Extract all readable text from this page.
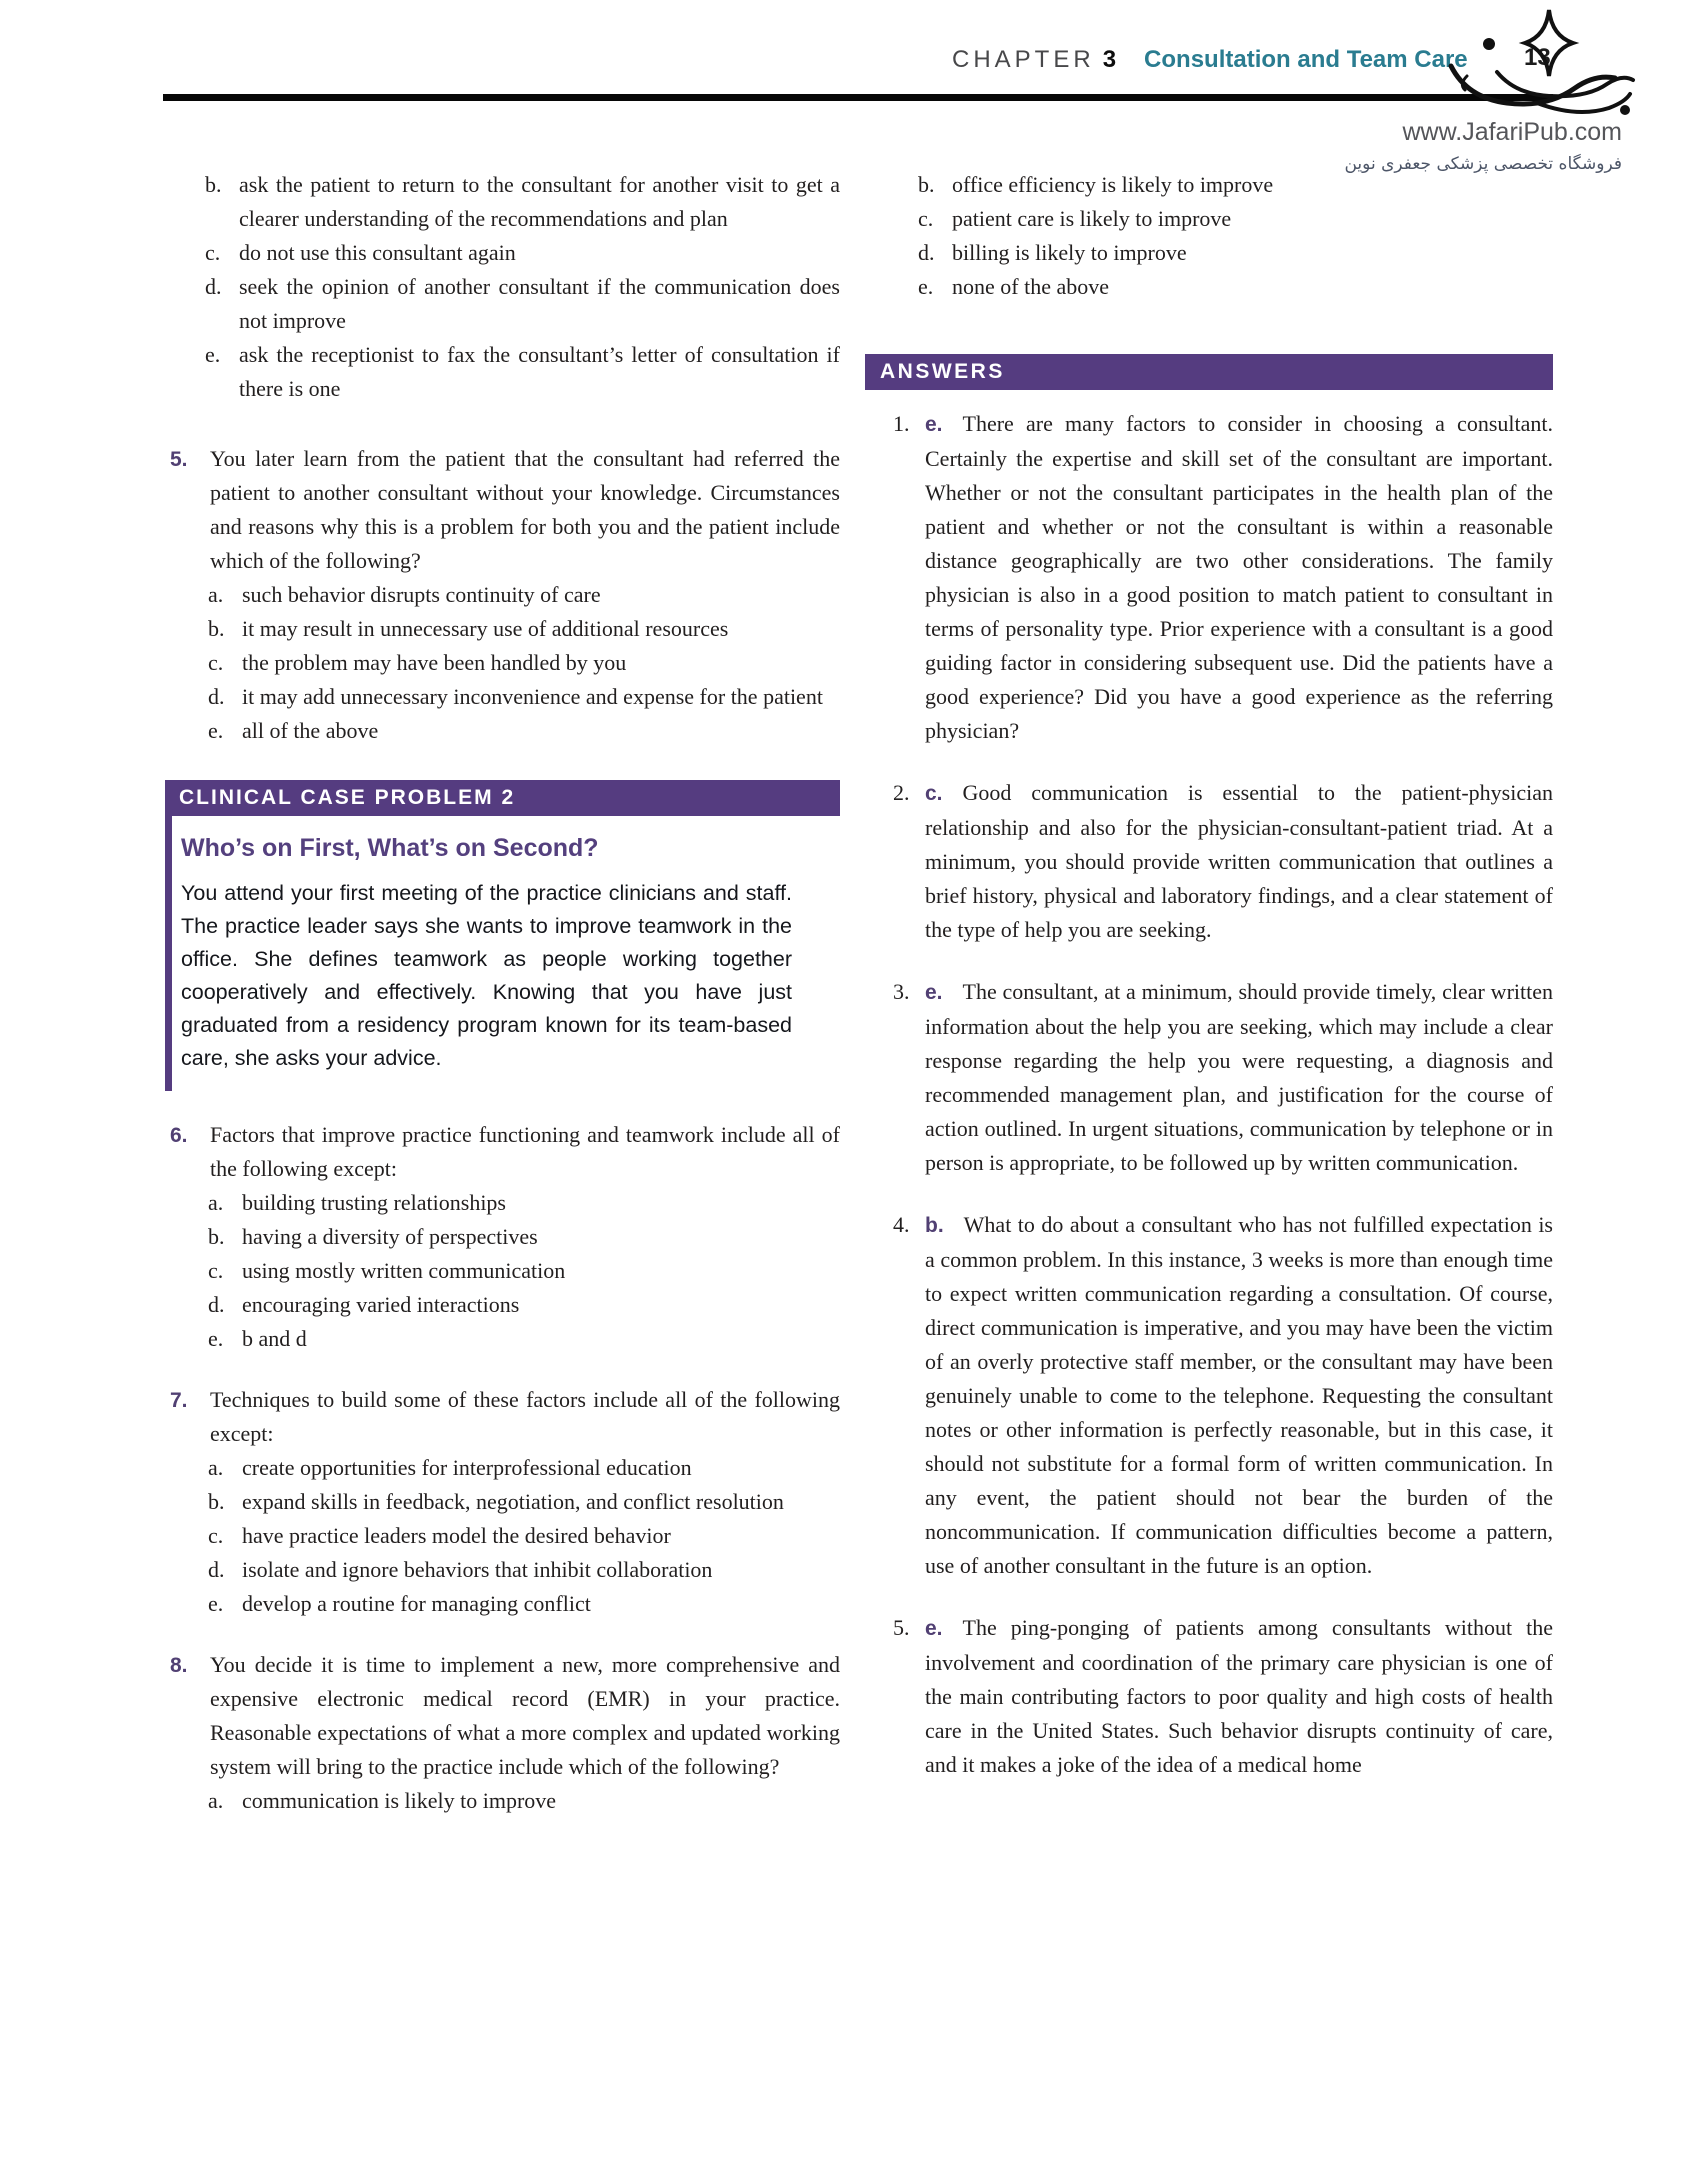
CHAPTER 3 Consultation and Team Care 13
www.JafariPub.com
فروشگاه تخصصی پزشکی جعفری نوین
b. ask the patient to return to the consultant for another visit to get a clearer understanding of the recommendations and plan
c. do not use this consultant again
d. seek the opinion of another consultant if the communication does not improve
e. ask the receptionist to fax the consultant’s letter of consultation if there is one
5. You later learn from the patient that the consultant had referred the patient to another consultant without your knowledge. Circumstances and reasons why this is a problem for both you and the patient include which of the following?
a. such behavior disrupts continuity of care
b. it may result in unnecessary use of additional resources
c. the problem may have been handled by you
d. it may add unnecessary inconvenience and expense for the patient
e. all of the above
CLINICAL CASE PROBLEM 2
Who’s on First, What’s on Second?
You attend your first meeting of the practice clinicians and staff. The practice leader says she wants to improve teamwork in the office. She defines teamwork as people working together cooperatively and effectively. Knowing that you have just graduated from a residency program known for its team-based care, she asks your advice.
6. Factors that improve practice functioning and teamwork include all of the following except:
a. building trusting relationships
b. having a diversity of perspectives
c. using mostly written communication
d. encouraging varied interactions
e. b and d
7. Techniques to build some of these factors include all of the following except:
a. create opportunities for interprofessional education
b. expand skills in feedback, negotiation, and conflict resolution
c. have practice leaders model the desired behavior
d. isolate and ignore behaviors that inhibit collaboration
e. develop a routine for managing conflict
8. You decide it is time to implement a new, more comprehensive and expensive electronic medical record (EMR) in your practice. Reasonable expectations of what a more complex and updated working system will bring to the practice include which of the following?
a. communication is likely to improve
b. office efficiency is likely to improve
c. patient care is likely to improve
d. billing is likely to improve
e. none of the above
ANSWERS
1. e. There are many factors to consider in choosing a consultant. Certainly the expertise and skill set of the consultant are important. Whether or not the consultant participates in the health plan of the patient and whether or not the consultant is within a reasonable distance geographically are two other considerations. The family physician is also in a good position to match patient to consultant in terms of personality type. Prior experience with a consultant is a good guiding factor in considering subsequent use. Did the patients have a good experience? Did you have a good experience as the referring physician?
2. c. Good communication is essential to the patient-physician relationship and also for the physician-consultant-patient triad. At a minimum, you should provide written communication that outlines a brief history, physical and laboratory findings, and a clear statement of the type of help you are seeking.
3. e. The consultant, at a minimum, should provide timely, clear written information about the help you are seeking, which may include a clear response regarding the help you were requesting, a diagnosis and recommended management plan, and justification for the course of action outlined. In urgent situations, communication by telephone or in person is appropriate, to be followed up by written communication.
4. b. What to do about a consultant who has not fulfilled expectation is a common problem. In this instance, 3 weeks is more than enough time to expect written communication regarding a consultation. Of course, direct communication is imperative, and you may have been the victim of an overly protective staff member, or the consultant may have been genuinely unable to come to the telephone. Requesting the consultant notes or other information is perfectly reasonable, but in this case, it should not substitute for a formal form of written communication. In any event, the patient should not bear the burden of the noncommunication. If communication difficulties become a pattern, use of another consultant in the future is an option.
5. e. The ping-ponging of patients among consultants without the involvement and coordination of the primary care physician is one of the main contributing factors to poor quality and high costs of health care in the United States. Such behavior disrupts continuity of care, and it makes a joke of the idea of a medical home
